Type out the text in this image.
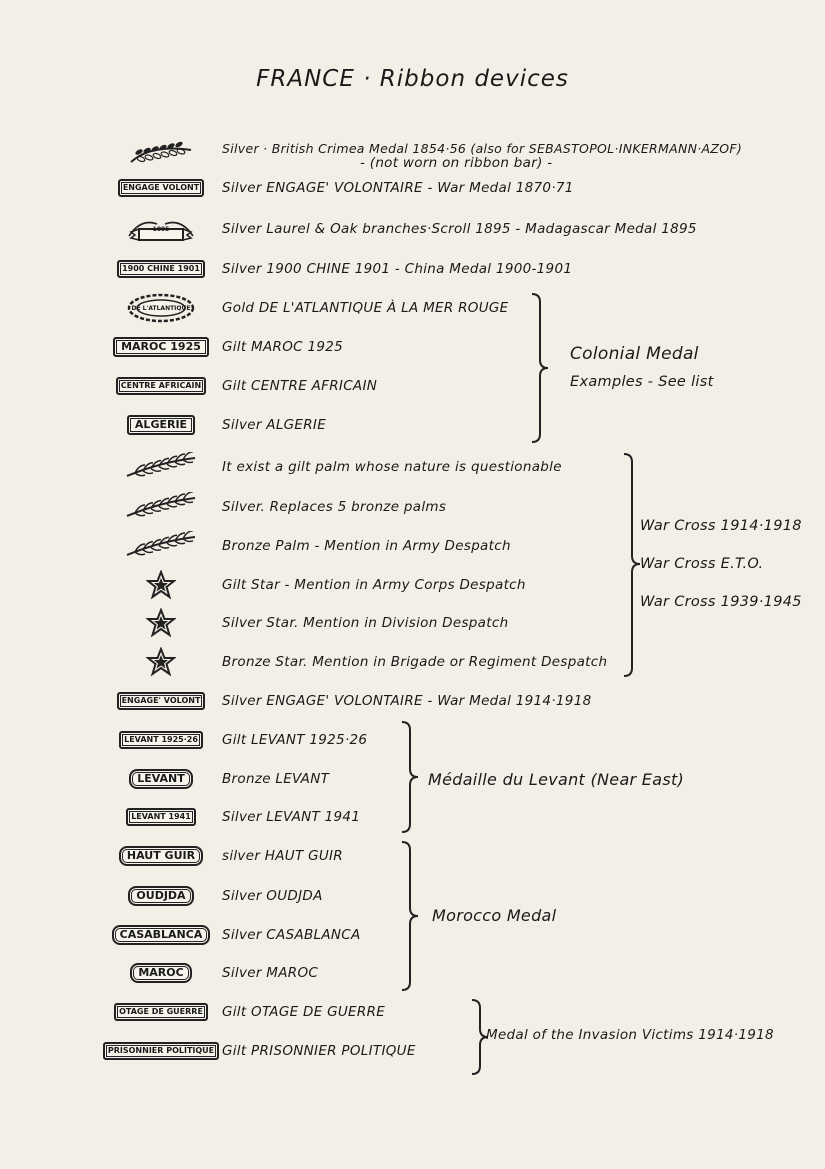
FRANCE · Ribbon devices
Silver · British Crimea Medal 1854·56 (also for SEBASTOPOL·INKERMANN·AZOF)
ENGAGE VOLONT	Silver ENGAGE' VOLONTAIRE - War Medal 1870·71
1895	Silver Laurel & Oak branches·Scroll 1895 - Madagascar Medal 1895
1900 CHINE 1901	Silver 1900 CHINE 1901 - China Medal 1900-1901
DE L'ATLANTIQUE Gold DE L'ATLANTIQUE À LA MER ROUGE
MAROC 1925	Gilt MAROC 1925
CENTRE AFRICAIN	Gilt CENTRE AFRICAIN
ALGERIE	Silver ALGERIE
It exist a gilt palm whose nature is questionable
Silver. Replaces 5 bronze palms
Bronze Palm - Mention in Army Despatch
Gilt Star - Mention in Army Corps Despatch
Silver Star. Mention in Division Despatch
Bronze Star. Mention in Brigade or Regiment Despatch
ENGAGE' VOLONT	Silver ENGAGE' VOLONTAIRE - War Medal 1914·1918
LEVANT 1925·26	Gilt LEVANT 1925·26
LEVANT	Bronze LEVANT
LEVANT 1941	Silver LEVANT 1941
HAUT GUIR	silver HAUT GUIR
OUDJDA	Silver OUDJDA
CASABLANCA	Silver CASABLANCA
MAROC	Silver MAROC
OTAGE DE GUERRE	Gilt OTAGE DE GUERRE
PRISONNIER POLITIQUE Gilt PRISONNIER POLITIQUE
- (not worn on ribbon bar) -
Colonial Medal
Examples - See list
War Cross 1914·1918
War Cross E.T.O.
War Cross 1939·1945
Médaille du Levant (Near East)
Morocco Medal
Medal of the Invasion Victims 1914·1918
